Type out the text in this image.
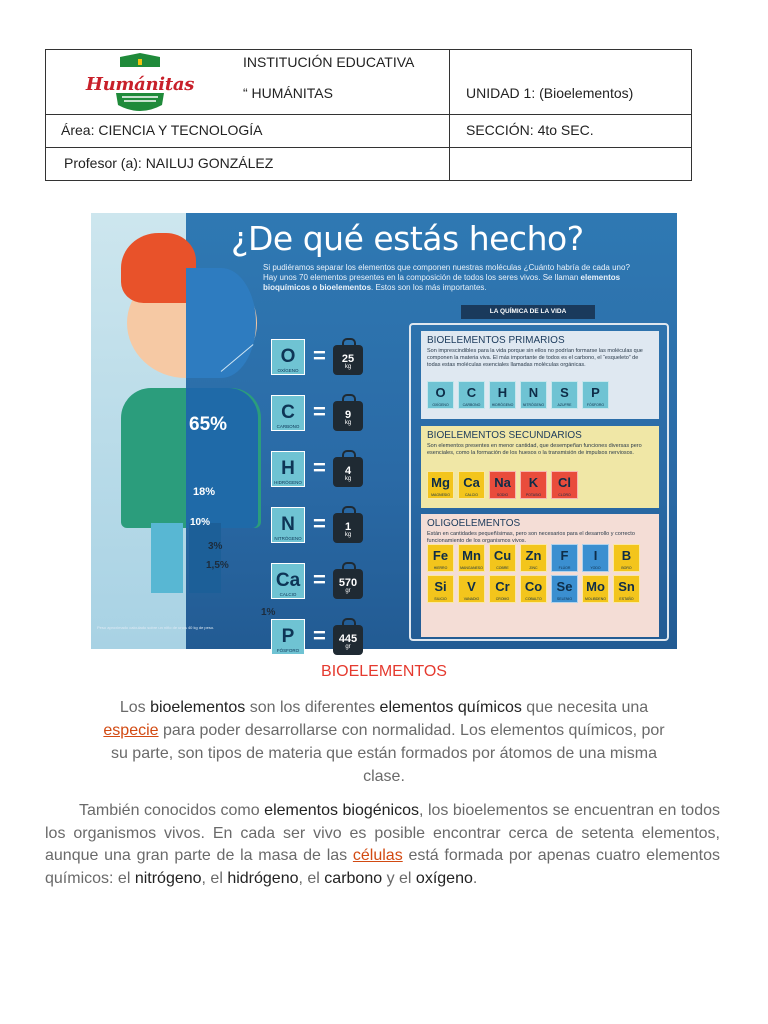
Humánitas
INSTITUCIÓN EDUCATIVA
“ HUMÁNITAS	UNIDAD 1: (Bioelementos)
Área: CIENCIA Y TECNOLOGÍA	SECCIÓN: 4to SEC.
Profesor (a): NAILUJ GONZÁLEZ
65%
18%
10%
3%
1,5%
1%
¿De qué estás hecho?
Si pudiéramos separar los elementos que componen nuestras moléculas ¿Cuánto habría de cada uno? Hay unos 70 elementos presentes en la composición de todos los seres vivos. Se llaman elementos bioquímicos o bioelementos. Estos son los más importantes.
O
OXÍGENO
=	25
kg
C
CARBONO
=	9
kg
H
HIDRÓGENO
=	4
kg
N
NITRÓGENO
=	1
kg
Ca
CALCIO
=	570
gr
P
FÓSFORO
=	445
gr
LA QUÍMICA DE LA VIDA
BIOELEMENTOS PRIMARIOS
Son imprescindibles para la vida porque sin ellos no podrían formarse las moléculas que componen la materia viva. El más importante de todos es el carbono, el “esqueleto” de todas estas moléculas esenciales llamadas moléculas orgánicas.
O
OXÍGENO
C
CARBONO
H
HIDRÓGENO
N
NITRÓGENO
S
AZUFRE
P
FÓSFORO
BIOELEMENTOS SECUNDARIOS
Son elementos presentes en menor cantidad, que desempeñan funciones diversas pero esenciales, como la formación de los huesos o la transmisión de impulsos nerviosos.
Mg
MAGNESIO
Ca
CALCIO
Na
SODIO
K
POTASIO
Cl
CLORO
OLIGOELEMENTOS
Están en cantidades pequeñísimas, pero son necesarios para el desarrollo y correcto funcionamiento de los organismos vivos.
Fe
HIERRO
Mn
MANGANESO
Cu
COBRE
Zn
ZINC
F
FLÚOR
I
YODO
B
BORO
Si
SILICIO
V
VANADIO
Cr
CROMO
Co
COBALTO
Se
SELENIO
Mo
MOLIBDENO
Sn
ESTAÑO
Peso aproximado calculado sobre un niño de unos 40 kg de peso.
BIOELEMENTOS

Los bioelementos son los diferentes elementos químicos que necesita una especie para poder desarrollarse con normalidad. Los elementos químicos, por su parte, son tipos de materia que están formados por átomos de una misma clase.

También conocidos como elementos biogénicos, los bioelementos se encuentran en todos los organismos vivos. En cada ser vivo es posible encontrar cerca de setenta elementos, aunque una gran parte de la masa de las células está formada por apenas cuatro elementos químicos: el nitrógeno, el hidrógeno, el carbono y el oxígeno.
